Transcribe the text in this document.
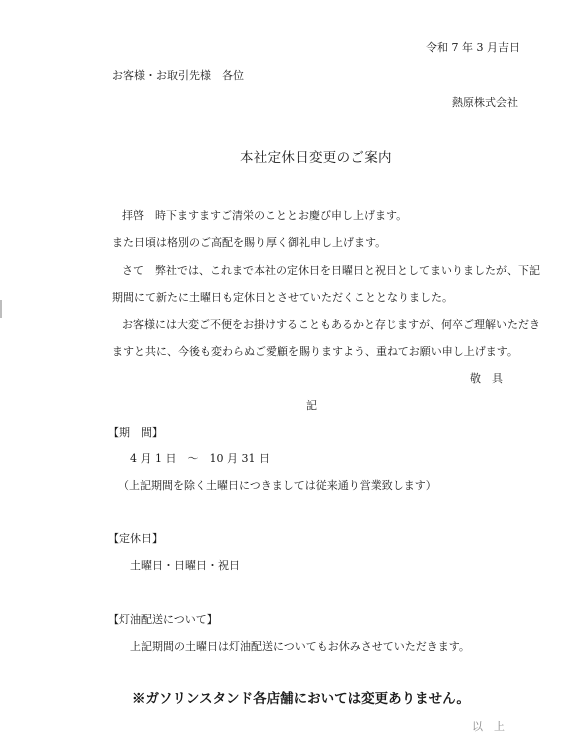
令和 7 年 3 月吉日
お客様・お取引先様　各位
熱原株式会社
本社定休日変更のご案内
拝啓　時下ますますご清栄のこととお慶び申し上げます。
また日頃は格別のご高配を賜り厚く御礼申し上げます。
さて　弊社では、これまで本社の定休日を日曜日と祝日としてまいりましたが、下記
期間にて新たに土曜日も定休日とさせていただくこととなりました。
お客様には大変ご不便をお掛けすることもあるかと存じますが、何卒ご理解いただき
ますと共に、今後も変わらぬご愛顧を賜りますよう、重ねてお願い申し上げます。
敬　具
記
【期　間】
4 月 1 日　～　10 月 31 日
（上記期間を除く土曜日につきましては従来通り営業致します）
【定休日】
土曜日・日曜日・祝日
【灯油配送について】
上記期間の土曜日は灯油配送についてもお休みさせていただきます。
※ガソリンスタンド各店舗においては変更ありません。
以　上
